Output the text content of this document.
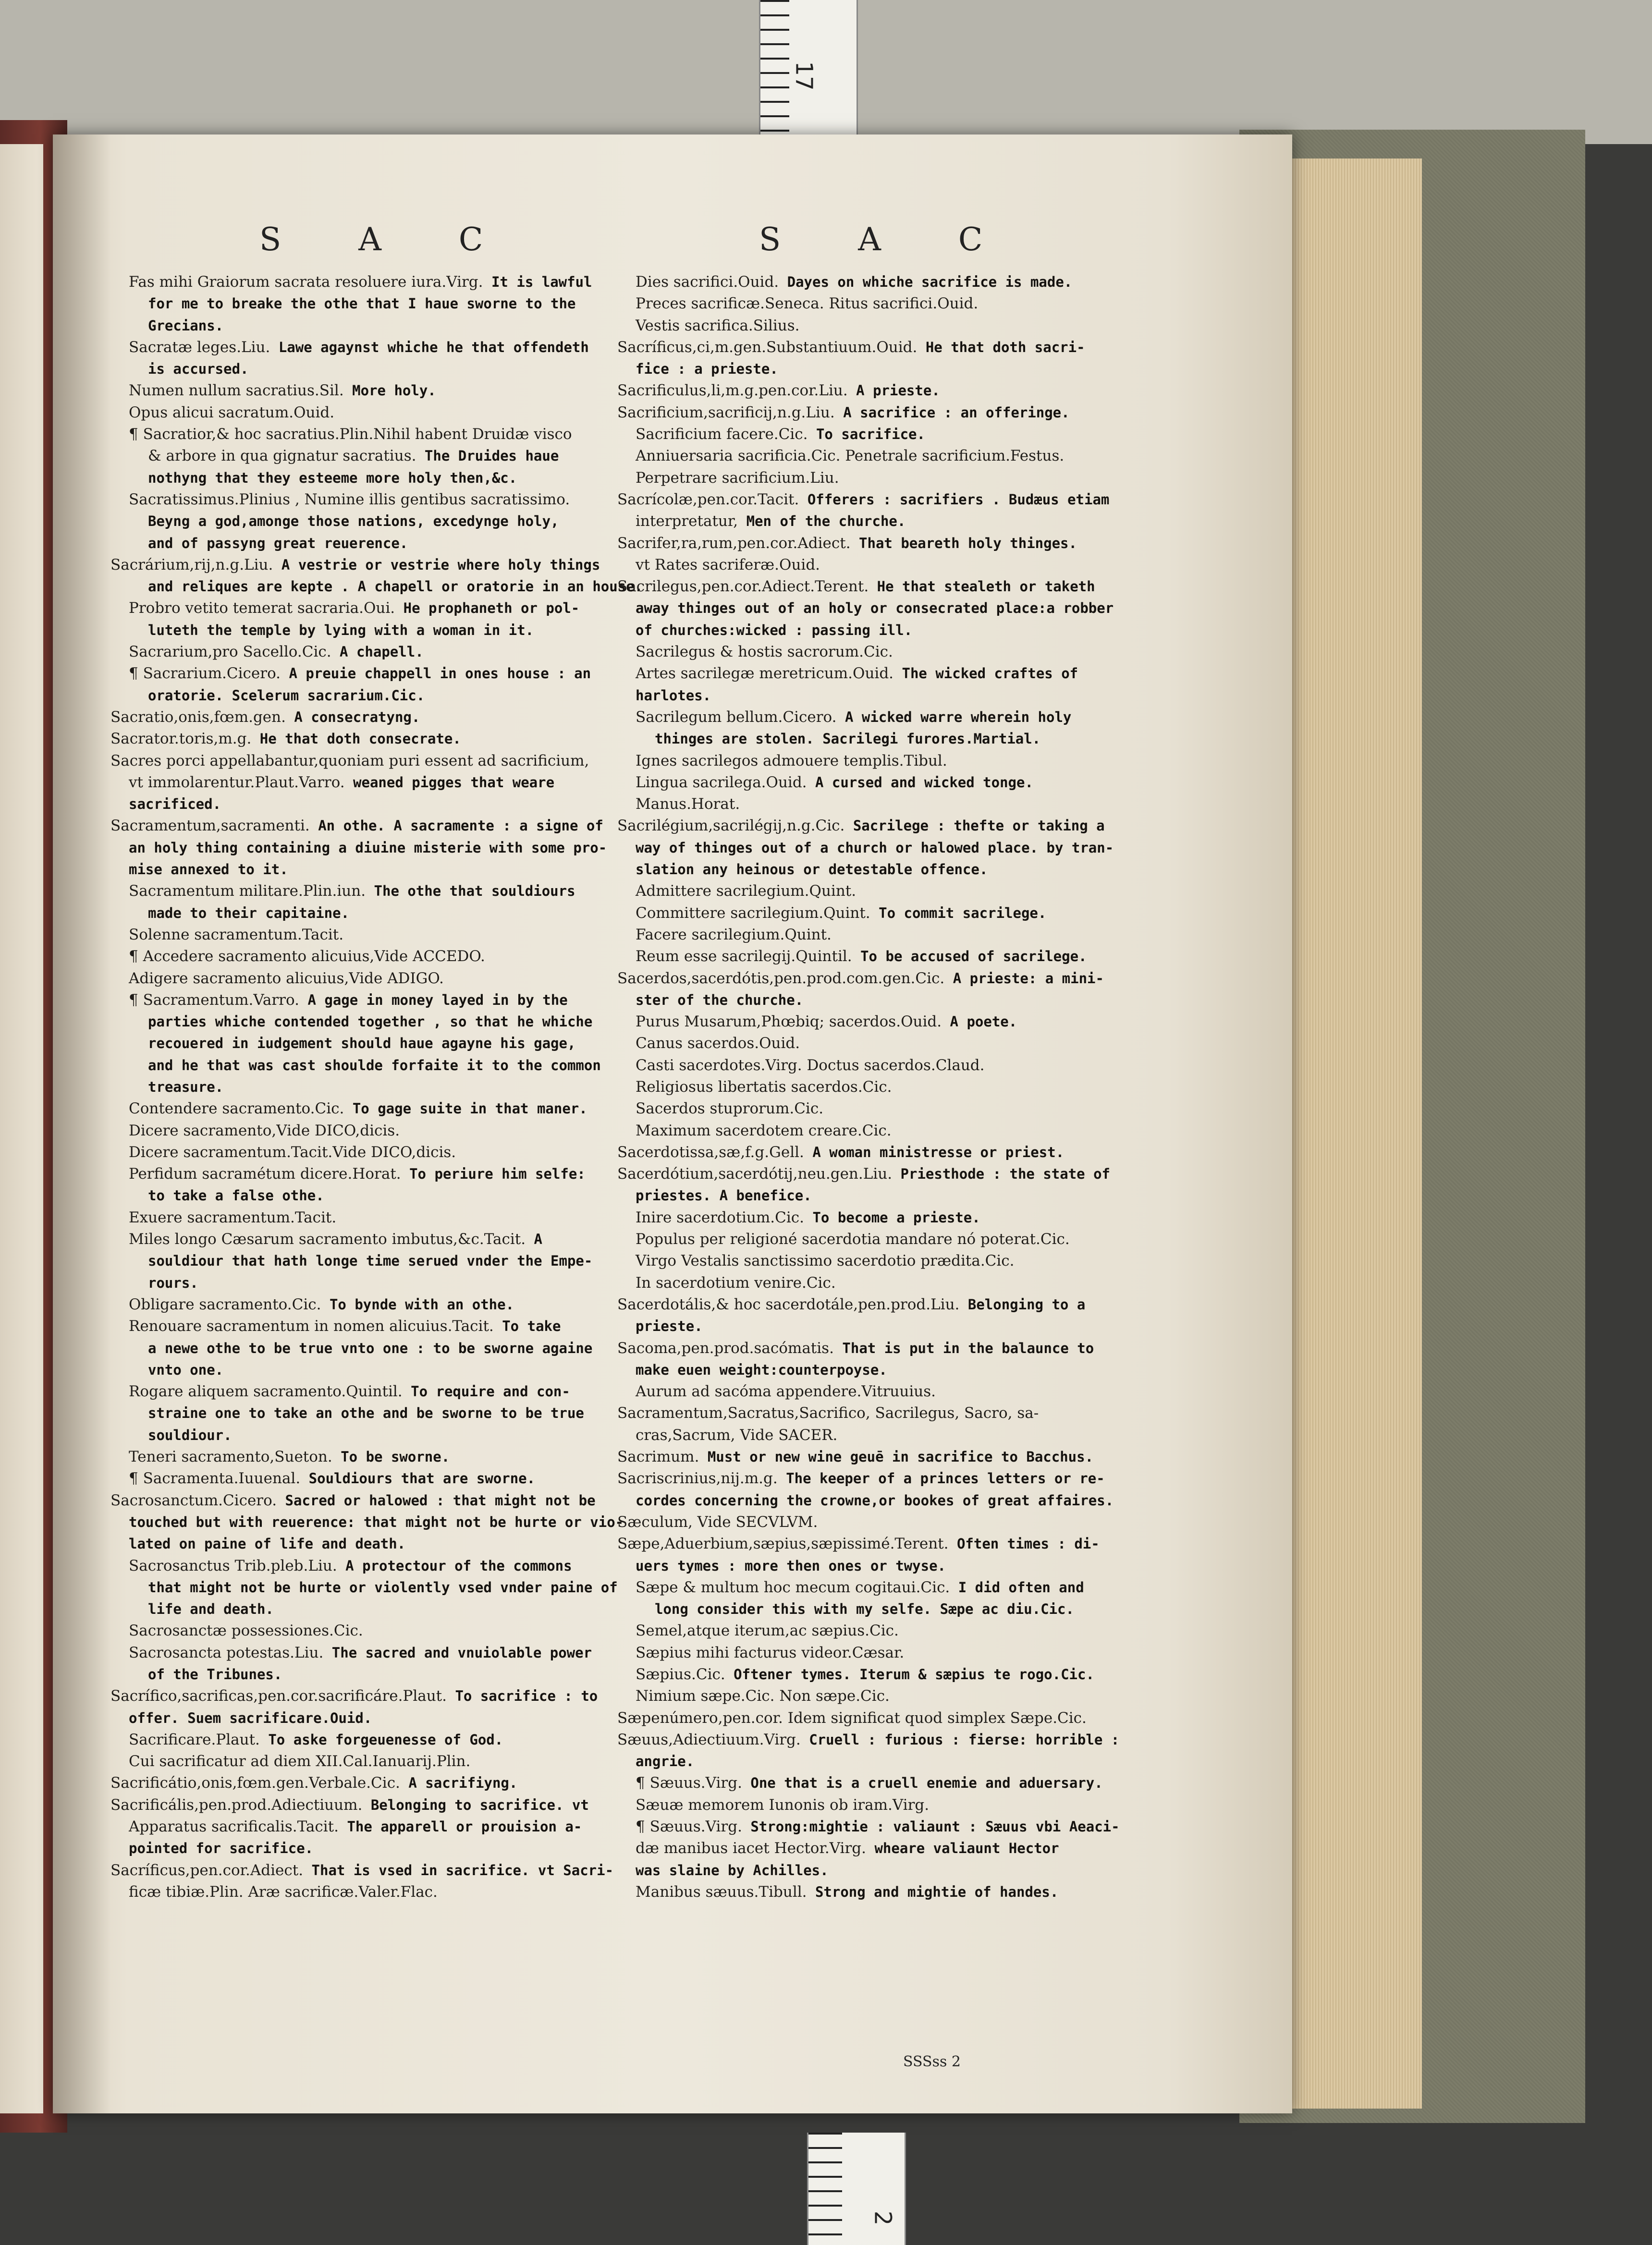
17
S A C	S A C
Fas mihi Graiorum sacrata resoluere iura.Virg. It is lawful
for me to breake the othe that I haue sworne to the
Grecians.
Sacratæ leges.Liu. Lawe agaynst whiche he that offendeth
is accursed.
Numen nullum sacratius.Sil. More holy.
Opus alicui sacratum.Ouid.
¶ Sacratior,& hoc sacratius.Plin.Nihil habent Druidæ visco
& arbore in qua gignatur sacratius. The Druides haue
nothyng that they esteeme more holy then,&c.
Sacratissimus.Plinius , Numine illis gentibus sacratissimo.
Beyng a god,amonge those nations, excedynge holy,
and of passyng great reuerence.
Sacrárium,rij,n.g.Liu. A vestrie or vestrie where holy things
and reliques are kepte . A chapell or oratorie in an house.
Probro vetito temerat sacraria.Oui. He prophaneth or pol-
luteth the temple by lying with a woman in it.
Sacrarium,pro Sacello.Cic. A chapell.
¶ Sacrarium.Cicero. A preuie chappell in ones house : an
oratorie. Scelerum sacrarium.Cic.
Sacratio,onis,fœm.gen. A consecratyng.
Sacrator.toris,m.g. He that doth consecrate.
Sacres porci appellabantur,quoniam puri essent ad sacrificium,
vt immolarentur.Plaut.Varro. weaned pigges that weare
sacrificed.
Sacramentum,sacramenti. An othe. A sacramente : a signe of
an holy thing containing a diuine misterie with some pro-
mise annexed to it.
Sacramentum militare.Plin.iun. The othe that souldiours
made to their capitaine.
Solenne sacramentum.Tacit.
¶ Accedere sacramento alicuius,Vide ACCEDO.
Adigere sacramento alicuius,Vide ADIGO.
¶ Sacramentum.Varro. A gage in money layed in by the
parties whiche contended together , so that he whiche
recouered in iudgement should haue agayne his gage,
and he that was cast shoulde forfaite it to the common
treasure.
Contendere sacramento.Cic. To gage suite in that maner.
Dicere sacramento,Vide DICO,dicis.
Dicere sacramentum.Tacit.Vide DICO,dicis.
Perfidum sacramétum dicere.Horat. To periure him selfe:
to take a false othe.
Exuere sacramentum.Tacit.
Miles longo Cæsarum sacramento imbutus,&c.Tacit. A
souldiour that hath longe time serued vnder the Empe-
rours.
Obligare sacramento.Cic. To bynde with an othe.
Renouare sacramentum in nomen alicuius.Tacit. To take
a newe othe to be true vnto one : to be sworne againe
vnto one.
Rogare aliquem sacramento.Quintil. To require and con-
straine one to take an othe and be sworne to be true
souldiour.
Teneri sacramento,Sueton. To be sworne.
¶ Sacramenta.Iuuenal. Souldiours that are sworne.
Sacrosanctum.Cicero. Sacred or halowed : that might not be
touched but with reuerence: that might not be hurte or vio-
lated on paine of life and death.
Sacrosanctus Trib.pleb.Liu. A protectour of the commons
that might not be hurte or violently vsed vnder paine of
life and death.
Sacrosanctæ possessiones.Cic.
Sacrosancta potestas.Liu. The sacred and vnuiolable power
of the Tribunes.
Sacrífico,sacrificas,pen.cor.sacrificáre.Plaut. To sacrifice : to
offer. Suem sacrificare.Ouid.
Sacrificare.Plaut. To aske forgeuenesse of God.
Cui sacrificatur ad diem XII.Cal.Ianuarij.Plin.
Sacrificátio,onis,fœm.gen.Verbale.Cic. A sacrifiyng.
Sacrificális,pen.prod.Adiectiuum. Belonging to sacrifice. vt
Apparatus sacrificalis.Tacit. The apparell or prouision a-
pointed for sacrifice.
Sacríficus,pen.cor.Adiect. That is vsed in sacrifice. vt Sacri-
ficæ tibiæ.Plin. Aræ sacrificæ.Valer.Flac.
Dies sacrifici.Ouid. Dayes on whiche sacrifice is made.
Preces sacrificæ.Seneca. Ritus sacrifici.Ouid.
Vestis sacrifica.Silius.
Sacríficus,ci,m.gen.Substantiuum.Ouid. He that doth sacri-
fice : a prieste.
Sacrificulus,li,m.g.pen.cor.Liu. A prieste.
Sacrificium,sacrificij,n.g.Liu. A sacrifice : an offeringe.
Sacrificium facere.Cic. To sacrifice.
Anniuersaria sacrificia.Cic. Penetrale sacrificium.Festus.
Perpetrare sacrificium.Liu.
Sacrícolæ,pen.cor.Tacit. Offerers : sacrifiers . Budæus etiam
interpretatur, Men of the churche.
Sacrifer,ra,rum,pen.cor.Adiect. That beareth holy thinges.
vt Rates sacriferæ.Ouid.
Sacrilegus,pen.cor.Adiect.Terent. He that stealeth or taketh
away thinges out of an holy or consecrated place:a robber
of churches:wicked : passing ill.
Sacrilegus & hostis sacrorum.Cic.
Artes sacrilegæ meretricum.Ouid. The wicked craftes of
harlotes.
Sacrilegum bellum.Cicero. A wicked warre wherein holy
thinges are stolen. Sacrilegi furores.Martial.
Ignes sacrilegos admouere templis.Tibul.
Lingua sacrilega.Ouid. A cursed and wicked tonge.
Manus.Horat.
Sacrilégium,sacrilégij,n.g.Cic. Sacrilege : thefte or taking a
way of thinges out of a church or halowed place. by tran-
slation any heinous or detestable offence.
Admittere sacrilegium.Quint.
Committere sacrilegium.Quint. To commit sacrilege.
Facere sacrilegium.Quint.
Reum esse sacrilegij.Quintil. To be accused of sacrilege.
Sacerdos,sacerdótis,pen.prod.com.gen.Cic. A prieste: a mini-
ster of the churche.
Purus Musarum,Phœbiq; sacerdos.Ouid. A poete.
Canus sacerdos.Ouid.
Casti sacerdotes.Virg. Doctus sacerdos.Claud.
Religiosus libertatis sacerdos.Cic.
Sacerdos stuprorum.Cic.
Maximum sacerdotem creare.Cic.
Sacerdotissa,sæ,f.g.Gell. A woman ministresse or priest.
Sacerdótium,sacerdótij,neu.gen.Liu. Priesthode : the state of
priestes. A benefice.
Inire sacerdotium.Cic. To become a prieste.
Populus per religioné sacerdotia mandare nó poterat.Cic.
Virgo Vestalis sanctissimo sacerdotio prædita.Cic.
In sacerdotium venire.Cic.
Sacerdotális,& hoc sacerdotále,pen.prod.Liu. Belonging to a
prieste.
Sacoma,pen.prod.sacómatis. That is put in the balaunce to
make euen weight:counterpoyse.
Aurum ad sacóma appendere.Vitruuius.
Sacramentum,Sacratus,Sacrifico, Sacrilegus, Sacro, sa-
cras,Sacrum, Vide SACER.
Sacrimum. Must or new wine geuē in sacrifice to Bacchus.
Sacriscrinius,nij.m.g. The keeper of a princes letters or re-
cordes concerning the crowne,or bookes of great affaires.
Sæculum, Vide SECVLVM.
Sæpe,Aduerbium,sæpius,sæpissimé.Terent. Often times : di-
uers tymes : more then ones or twyse.
Sæpe & multum hoc mecum cogitaui.Cic. I did often and
long consider this with my selfe. Sæpe ac diu.Cic.
Semel,atque iterum,ac sæpius.Cic.
Sæpius mihi facturus videor.Cæsar.
Sæpius.Cic. Oftener tymes. Iterum & sæpius te rogo.Cic.
Nimium sæpe.Cic. Non sæpe.Cic.
Sæpenúmero,pen.cor. Idem significat quod simplex Sæpe.Cic.
Sæuus,Adiectiuum.Virg. Cruell : furious : fierse: horrible :
angrie.
¶ Sæuus.Virg. One that is a cruell enemie and aduersary.
Sæuæ memorem Iunonis ob iram.Virg.
¶ Sæuus.Virg. Strong:mightie : valiaunt : Sæuus vbi Aeaci-
dæ manibus iacet Hector.Virg. wheare valiaunt Hector
was slaine by Achilles.
Manibus sæuus.Tibull. Strong and mightie of handes.
SSSss 2
2
